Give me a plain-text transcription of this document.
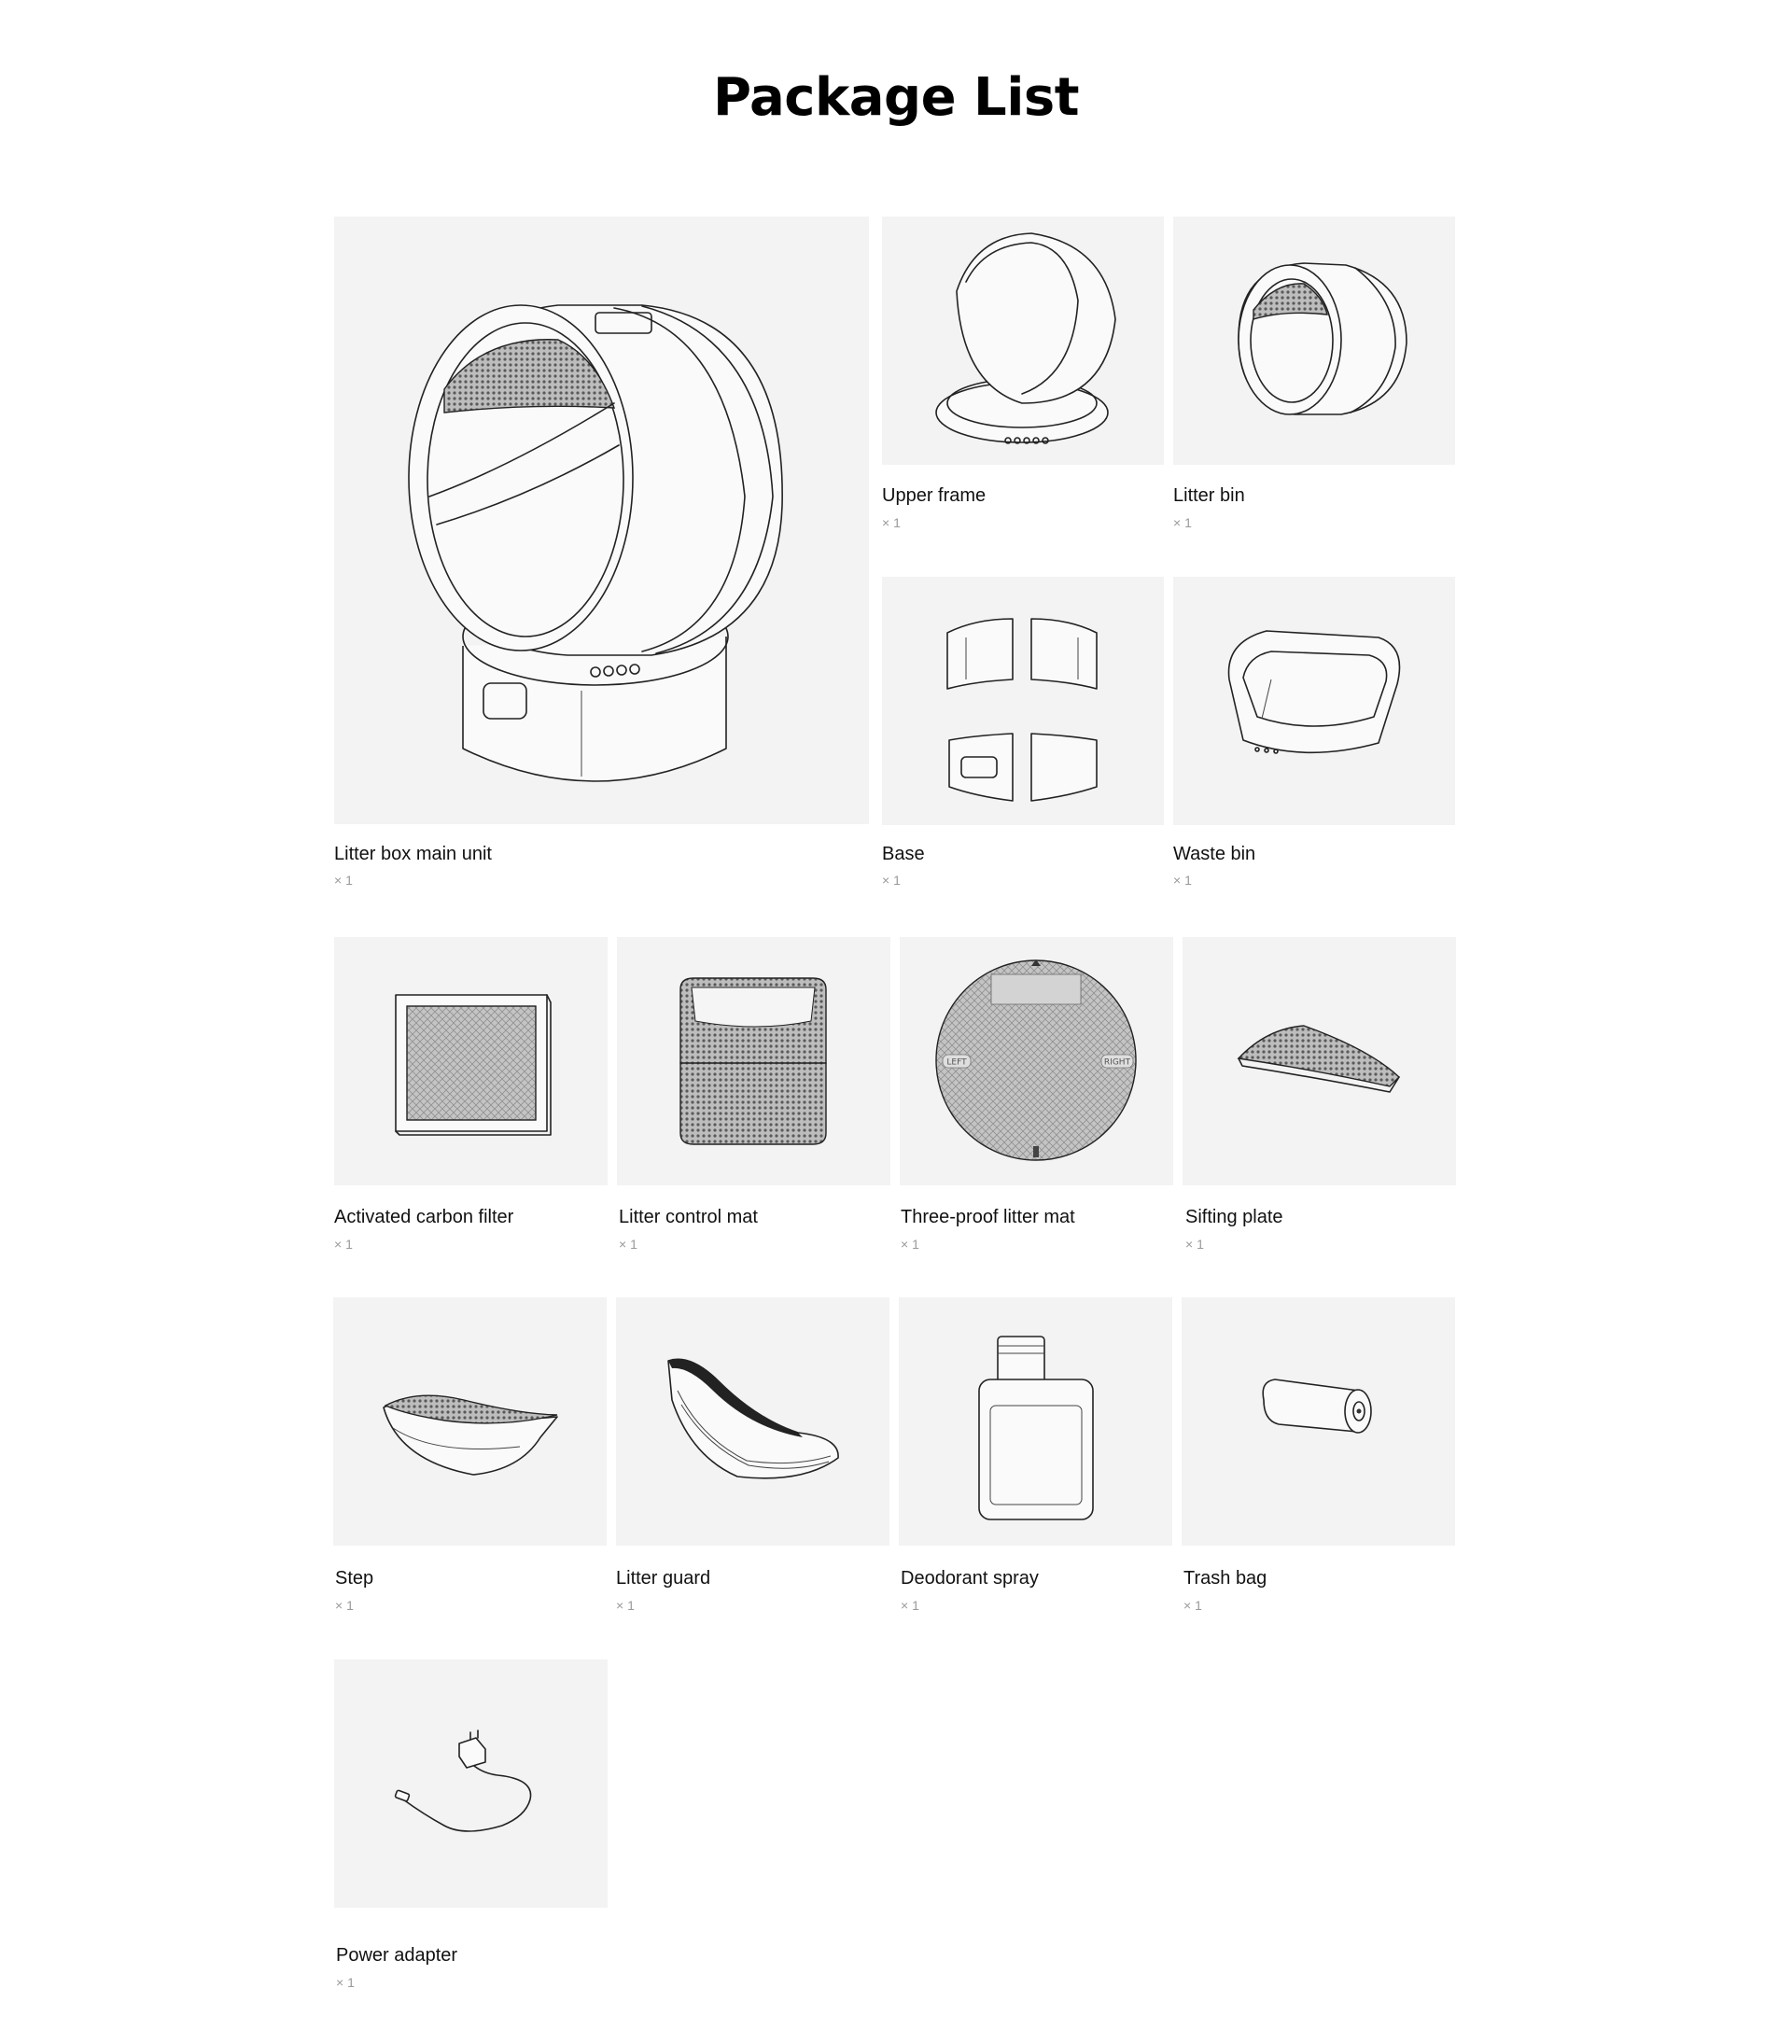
Package List
Litter box main unit
× 1
Upper frame
× 1
Litter bin
× 1
Base
× 1
Waste bin
× 1
Activated carbon filter
× 1
Litter control mat
× 1
LEFT	RIGHT
Three-proof litter mat
× 1
Sifting plate
× 1
Step
× 1
Litter guard
× 1
Deodorant spray
× 1
Trash bag
× 1
Power adapter
× 1
